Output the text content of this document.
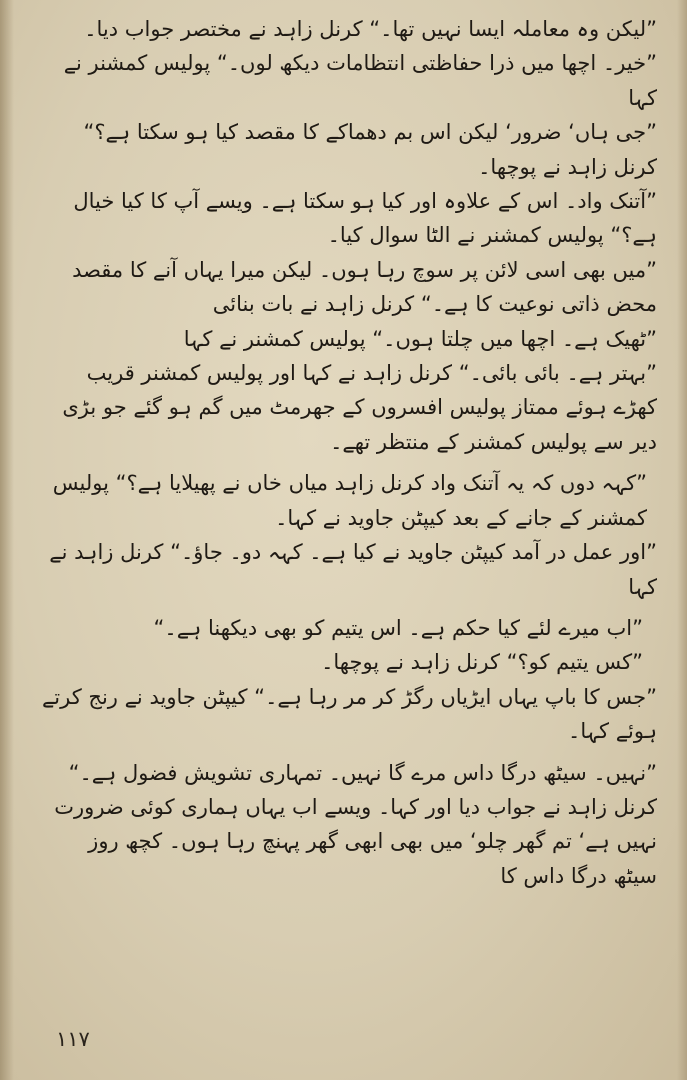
”لیکن وہ معاملہ ایسا نہیں تھا۔“ کرنل زاہد نے مختصر جواب دیا۔

”خیر۔ اچھا میں ذرا حفاظتی انتظامات دیکھ لوں۔“ پولیس کمشنر نے کہا

”جی ہاں‘ ضرور‘ لیکن اس بم دھماکے کا مقصد کیا ہو سکتا ہے؟“ کرنل زاہد نے پوچھا۔

”آتنک واد۔ اس کے علاوہ اور کیا ہو سکتا ہے۔ ویسے آپ کا کیا خیال ہے؟“ پولیس کمشنر نے الٹا سوال کیا۔

”میں بھی اسی لائن پر سوچ رہا ہوں۔ لیکن میرا یہاں آنے کا مقصد محض ذاتی نوعیت کا ہے۔“ کرنل زاہد نے بات بنائی

”ٹھیک ہے۔ اچھا میں چلتا ہوں۔“ پولیس کمشنر نے کہا

”بہتر ہے۔ بائی بائی۔“ کرنل زاہد نے کہا اور پولیس کمشنر قریب کھڑے ہوئے ممتاز پولیس افسروں کے جھرمٹ میں گم ہو گئے جو بڑی دیر سے پولیس کمشنر کے منتظر تھے۔

”کہہ دوں کہ یہ آتنک واد کرنل زاہد میاں خاں نے پھیلایا ہے؟“ پولیس کمشنر کے جانے کے بعد کیپٹن جاوید نے کہا۔

”اور عمل در آمد کیپٹن جاوید نے کیا ہے۔ کہہ دو۔ جاؤ۔“ کرنل زاہد نے کہا

”اب میرے لئے کیا حکم ہے۔ اس یتیم کو بھی دیکھنا ہے۔“

”کس یتیم کو؟“ کرنل زاہد نے پوچھا۔

”جس کا باپ یہاں ایڑیاں رگڑ کر مر رہا ہے۔“ کیپٹن جاوید نے رنج کرتے ہوئے کہا۔

”نہیں۔ سیٹھ درگا داس مرے گا نہیں۔ تمہاری تشویش فضول ہے۔“ کرنل زاہد نے جواب دیا اور کہا۔ ویسے اب یہاں ہماری کوئی ضرورت نہیں ہے‘ تم گھر چلو‘ میں بھی ابھی گھر پہنچ رہا ہوں۔ کچھ روز سیٹھ درگا داس کا

۱۱۷
